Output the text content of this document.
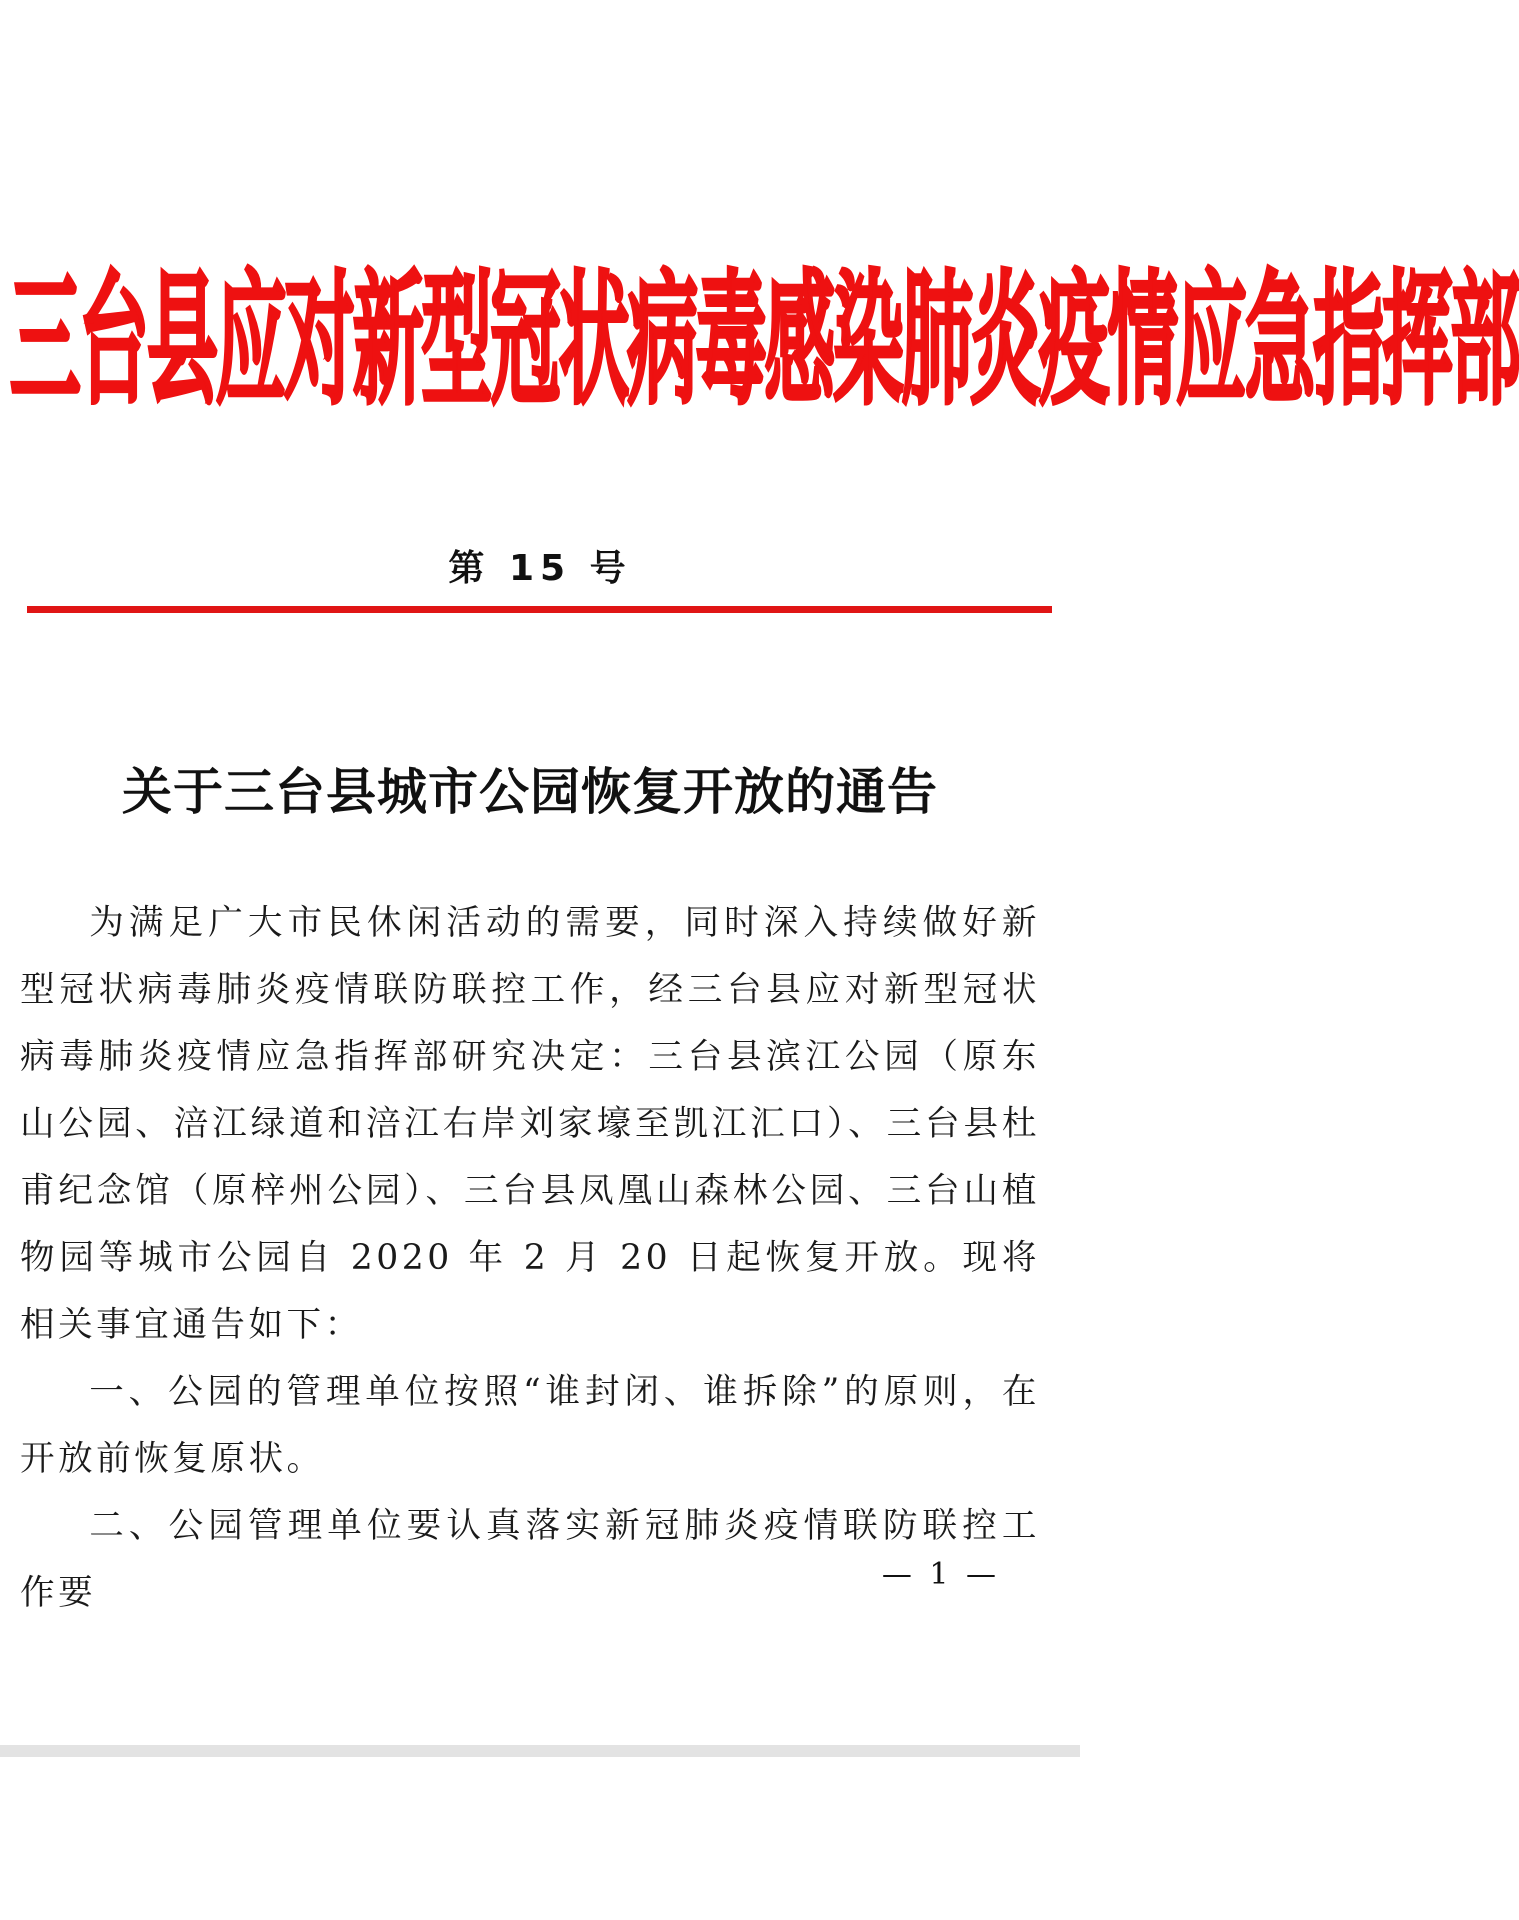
三台县应对新型冠状病毒感染肺炎疫情应急指挥部
第 15 号
关于三台县城市公园恢复开放的通告

为满足广大市民休闲活动的需要，同时深入持续做好新型冠状病毒肺炎疫情联防联控工作，经三台县应对新型冠状病毒肺炎疫情应急指挥部研究决定：三台县滨江公园（原东山公园、涪江绿道和涪江右岸刘家壕至凯江汇口）、三台县杜甫纪念馆（原梓州公园）、三台县凤凰山森林公园、三台山植物园等城市公园自 2020 年 2 月 20 日起恢复开放。现将相关事宜通告如下：

一、公园的管理单位按照“谁封闭、谁拆除”的原则，在开放前恢复原状。

二、公园管理单位要认真落实新冠肺炎疫情联防联控工作要	— 1 —
